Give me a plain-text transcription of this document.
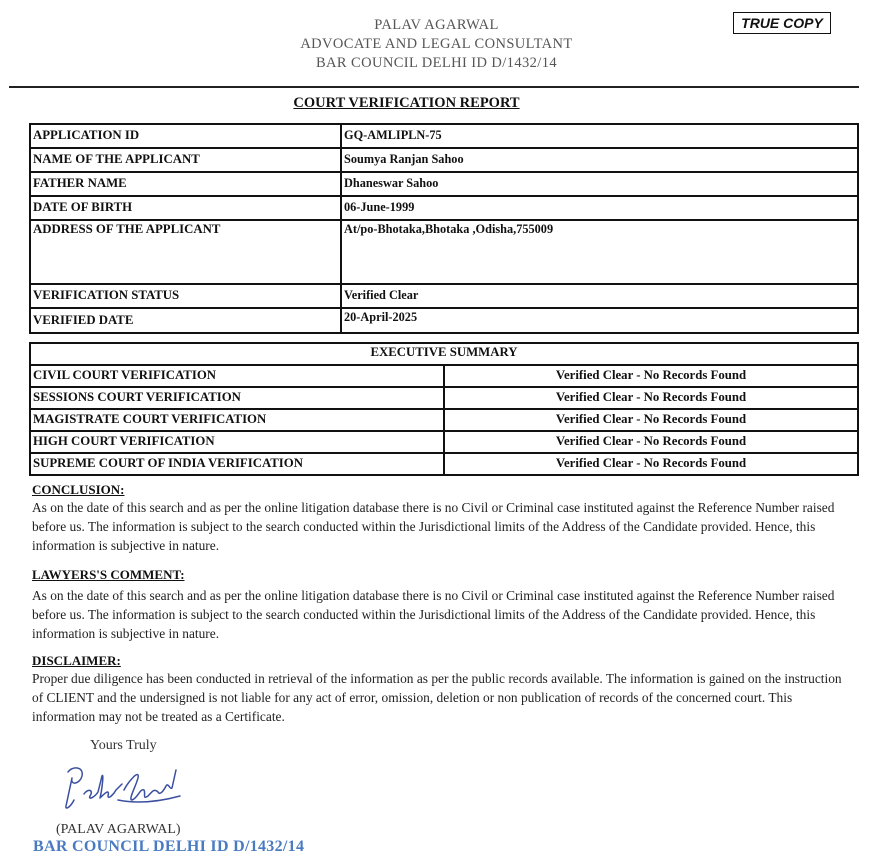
PALAV AGARWAL
ADVOCATE AND LEGAL CONSULTANT
BAR COUNCIL DELHI ID D/1432/14
TRUE COPY
COURT VERIFICATION REPORT
APPLICATION ID	GQ-AMLIPLN-75
NAME OF THE APPLICANT	Soumya Ranjan Sahoo
FATHER NAME	Dhaneswar Sahoo
DATE OF BIRTH	06-June-1999
ADDRESS OF THE APPLICANT	At/po-Bhotaka,Bhotaka ,Odisha,755009
VERIFICATION STATUS	Verified Clear
VERIFIED DATE	20-April-2025
EXECUTIVE SUMMARY	
CIVIL COURT VERIFICATION	Verified Clear - No Records Found
SESSIONS COURT VERIFICATION	Verified Clear - No Records Found
MAGISTRATE COURT VERIFICATION	Verified Clear - No Records Found
HIGH COURT VERIFICATION	Verified Clear - No Records Found
SUPREME COURT OF INDIA VERIFICATION	Verified Clear - No Records Found
CONCLUSION:
As on the date of this search and as per the online litigation database there is no Civil or Criminal case instituted against the Reference Number raised before us. The information is subject to the search conducted within the Jurisdictional limits of the Address of the Candidate provided. Hence, this information is subjective in nature.
LAWYERS'S COMMENT:
As on the date of this search and as per the online litigation database there is no Civil or Criminal case instituted against the Reference Number raised before us. The information is subject to the search conducted within the Jurisdictional limits of the Address of the Candidate provided. Hence, this information is subjective in nature.
DISCLAIMER:
Proper due diligence has been conducted in retrieval of the information as per the public records available. The information is gained on the instruction of CLIENT and the undersigned is not liable for any act of error, omission, deletion or non publication of records of the concerned court. This information may not be treated as a Certificate.
Yours Truly
(PALAV AGARWAL)
BAR COUNCIL DELHI ID D/1432/14
